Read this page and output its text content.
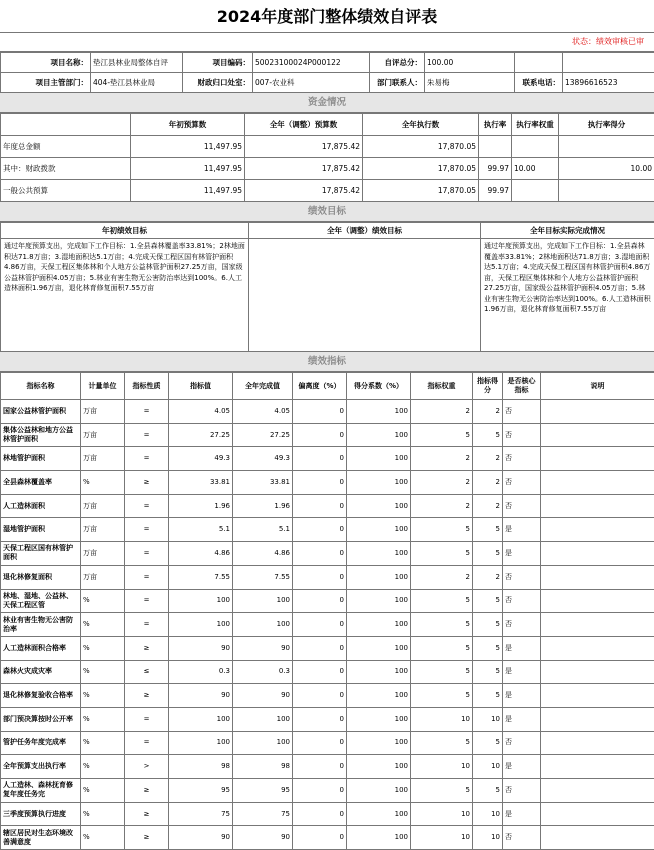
2024年度部门整体绩效自评表
状态：绩效审核已审
项目名称：	垫江县林业局整体自评	项目编码：	50023100024P000122	自评总分：	100.00		
项目主管部门：	404-垫江县林业局	财政归口处室：	007-农业科	部门联系人：	朱易梅	联系电话：	13896616523
资金情况
	年初预算数	全年（调整）预算数	全年执行数	执行率	执行率权重	执行率得分
年度总金额	11,497.95	17,875.42	17,870.05			
其中：财政拨款	11,497.95	17,875.42	17,870.05	99.97	10.00	10.00
一般公共预算	11,497.95	17,875.42	17,870.05	99.97		
绩效目标
年初绩效目标	全年（调整）绩效目标	全年目标实际完成情况
通过年度预算支出，完成如下工作目标：1.全县森林覆盖率33.81%；2林地面积达71.8万亩；3.湿地面积达5.1万亩；4.完成天保工程区国有林管护面积4.86万亩，天保工程区集体林和个人地方公益林管护面积27.25万亩，国家级公益林管护面积4.05万亩；5.林业有害生物无公害防治率达到100%。6.人工造林面积1.96万亩，退化林育修复面积7.55万亩		通过年度预算支出，完成如下工作目标：1.全县森林覆盖率33.81%；2林地面积达71.8万亩；3.湿地面积达5.1万亩；4.完成天保工程区国有林管护面积4.86万亩，天保工程区集体林和个人地方公益林管护面积27.25万亩，国家级公益林管护面积4.05万亩；5.林业有害生物无公害防治率达到100%。6.人工造林面积1.96万亩，退化林育修复面积7.55万亩
绩效指标
指标名称	计量单位	指标性质	指标值	全年完成值	偏离度（%）	得分系数（%）	指标权重	指标得分	是否核心指标	说明
国家公益林管护面积	万亩	=	4.05	4.05	0	100	2	2	否	
集体公益林和地方公益林管护面积	万亩	=	27.25	27.25	0	100	5	5	否	
林地管护面积	万亩	=	49.3	49.3	0	100	2	2	否	
全县森林覆盖率	%	≥	33.81	33.81	0	100	2	2	否	
人工造林面积	万亩	=	1.96	1.96	0	100	2	2	否	
湿地管护面积	万亩	=	5.1	5.1	0	100	5	5	是	
天保工程区国有林管护面积	万亩	=	4.86	4.86	0	100	5	5	是	
退化林修复面积	万亩	=	7.55	7.55	0	100	2	2	否	
林地、湿地、公益林、天保工程区管	%	=	100	100	0	100	5	5	否	
林业有害生物无公害防治率	%	=	100	100	0	100	5	5	否	
人工造林面积合格率	%	≥	90	90	0	100	5	5	是	
森林火灾成灾率	%	≤	0.3	0.3	0	100	5	5	是	
退化林修复验收合格率	%	≥	90	90	0	100	5	5	是	
部门预决算按时公开率	%	=	100	100	0	100	10	10	是	
管护任务年度完成率	%	=	100	100	0	100	5	5	否	
全年预算支出执行率	%	>	98	98	0	100	10	10	是	
人工造林、森林抚育修复年度任务完	%	≥	95	95	0	100	5	5	否	
三季度预算执行进度	%	≥	75	75	0	100	10	10	是	
辖区居民对生态环境改善满意度	%	≥	90	90	0	100	10	10	否	
